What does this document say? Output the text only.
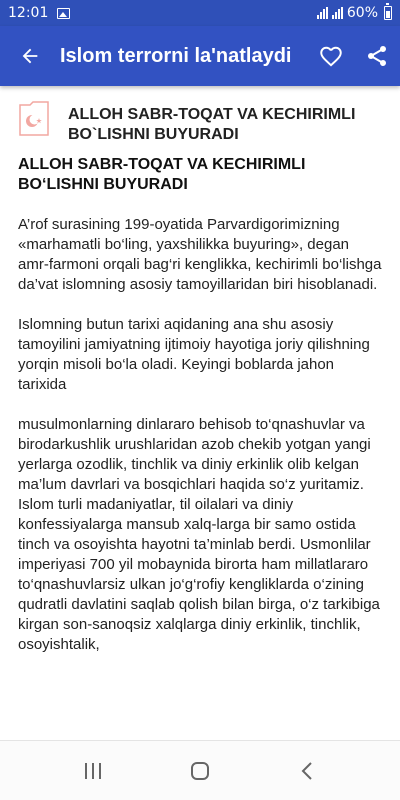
12:01	60%
Islom terrorni la'natlaydi
ALLOH SABR-TOQAT VA KECHIRIMLI BO`LISHNI BUYURADI
ALLOH SABR-TOQAT VA KECHIRIMLI BO‘LISHNI BUYURADI

A’rof surasining 199-oyatida Parvardigorimizning «marhamatli bo‘ling, yaxshilikka buyuring», degan amr-farmoni orqali bag‘ri kenglikka, kechirimli bo‘lishga da’vat islomning asosiy tamoyillaridan biri hisoblanadi.

Islomning butun tarixi aqidaning ana shu asosiy tamoyilini jamiyatning ijtimoiy hayotiga joriy qilishning yorqin misoli bo‘la oladi. Keyingi boblarda jahon tarixida

musulmonlarning dinlararo behisob to‘qnashuvlar va birodarkushlik urushlaridan azob chekib yotgan yangi yerlarga ozodlik, tinchlik va diniy erkinlik olib kelgan ma’lum davrlari va bosqichlari haqida so‘z yuritamiz. Islom turli madaniyatlar, til oilalari va diniy konfessiyalarga mansub xalq-larga bir samo ostida tinch va osoyishta hayotni ta’minlab berdi. Usmonlilar imperiyasi 700 yil mobaynida birorta ham millatlararo to‘qnashuvlarsiz ulkan jo‘g‘rofiy kengliklarda o‘zining qudratli davlatini saqlab qolish bilan birga, o‘z tarkibiga kirgan son-sanoqsiz xalqlarga diniy erkinlik, tinchlik, osoyishtalik,
